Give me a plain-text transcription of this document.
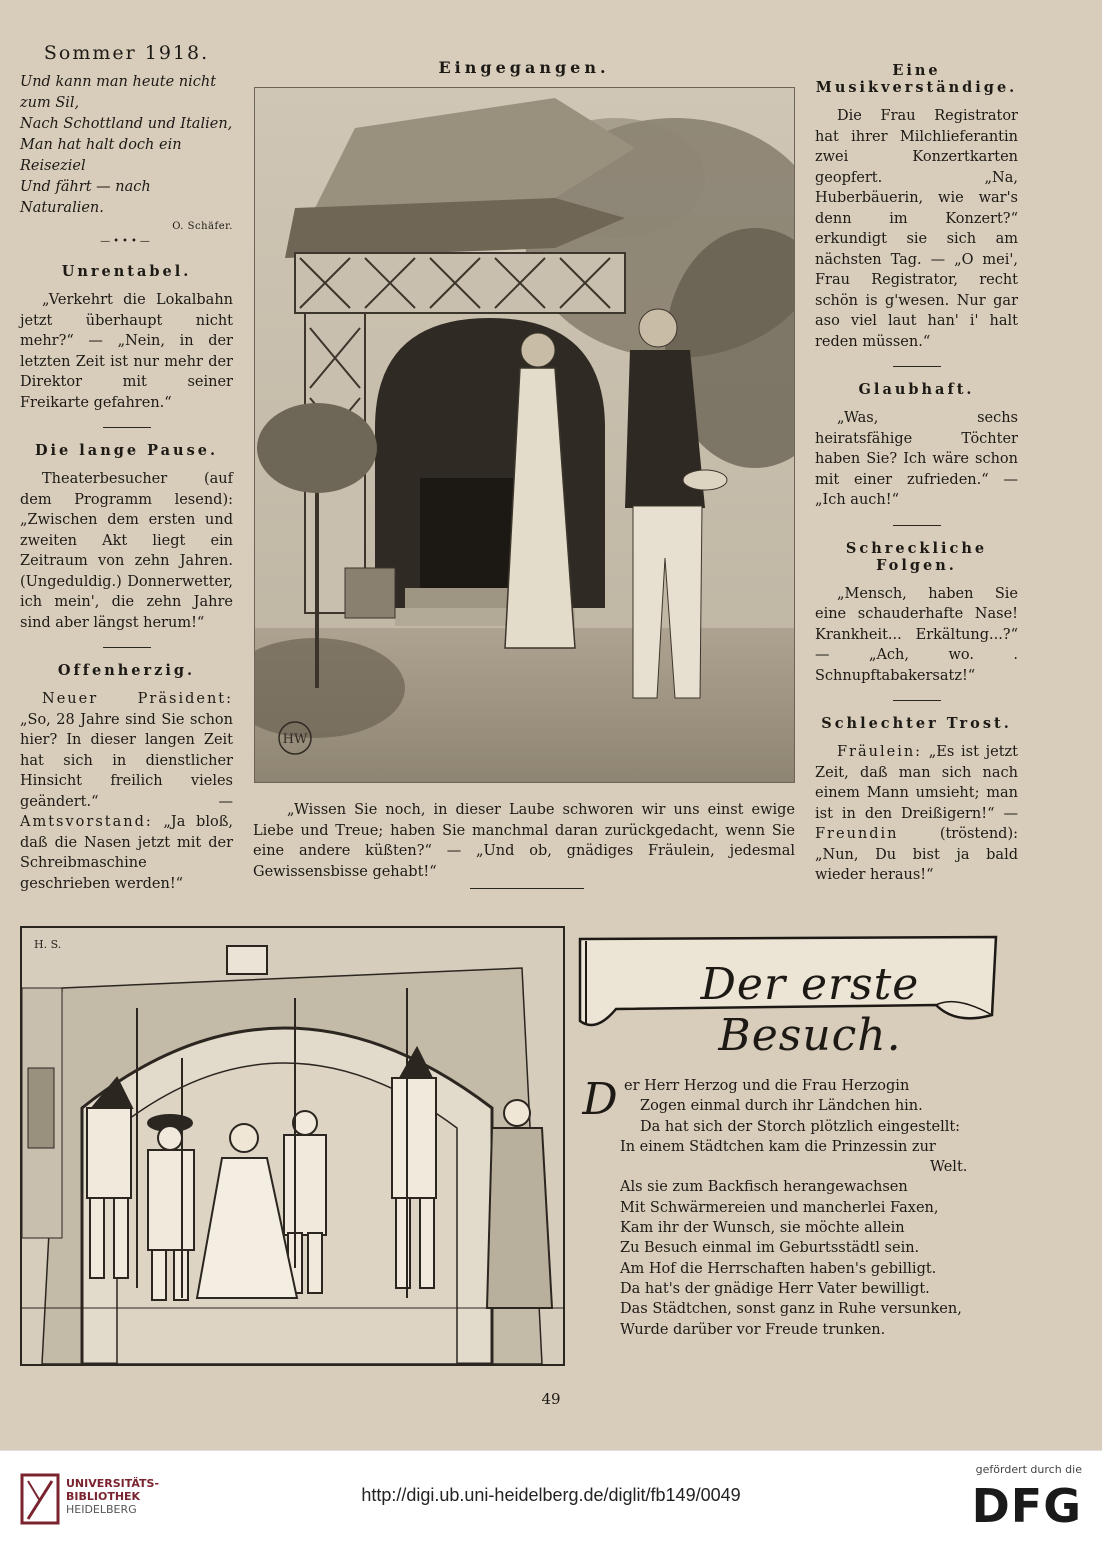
Sommer 1918.

Und kann man heute nicht zum Sil,

Nach Schottland und Italien,

Man hat halt doch ein Reiseziel

Und fährt — nach Naturalien.

O. Schäfer.
—•••—
Unrentabel.

„Verkehrt die Lokalbahn jetzt überhaupt nicht mehr?“ — „Nein, in der letzten Zeit ist nur mehr der Direktor mit seiner Freikarte gefahren.“

Die lange Pause.

Theaterbesucher (auf dem Programm lesend): „Zwischen dem ersten und zweiten Akt liegt ein Zeitraum von zehn Jahren. (Ungeduldig.) Donnerwetter, ich mein', die zehn Jahre sind aber längst herum!“

Offenherzig.

Neuer Präsident: „So, 28 Jahre sind Sie schon hier? In dieser langen Zeit hat sich in dienstlicher Hinsicht freilich vieles geändert.“ — Amtsvorstand: „Ja bloß, daß die Nasen jetzt mit der Schreibmaschine geschrieben werden!“

Eingegangen.
HW
„Wissen Sie noch, in dieser Laube schworen wir uns einst ewige Liebe und Treue; haben Sie manchmal daran zurückgedacht, wenn Sie eine andere küßten?“ — „Und ob, gnädiges Fräulein, jedesmal Gewissensbisse gehabt!“
Eine Musikverständige.

Die Frau Registrator hat ihrer Milchlieferantin zwei Konzertkarten geopfert. „Na, Huberbäuerin, wie war's denn im Konzert?“ erkundigt sie sich am nächsten Tag. — „O mei', Frau Registrator, recht schön is g'wesen. Nur gar aso viel laut han' i' halt reden müssen.“

Glaubhaft.

„Was, sechs heiratsfähige Töchter haben Sie? Ich wäre schon mit einer zufrieden.“ — „Ich auch!“

Schreckliche Folgen.

„Mensch, haben Sie eine schauderhafte Nase! Krankheit... Erkältung...?“ — „Ach, wo. . Schnupftabakersatz!“

Schlechter Trost.

Fräulein: „Es ist jetzt Zeit, daß man sich nach einem Mann umsieht; man ist in den Dreißigern!“ — Freundin (tröstend): „Nun, Du bist ja bald wieder heraus!“

H. S.
Der erste Besuch.
D er Herr Herzog und die Frau Herzogin

Zogen einmal durch ihr Ländchen hin.

Da hat sich der Storch plötzlich eingestellt:

In einem Städtchen kam die Prinzessin zur

Welt.

Als sie zum Backfisch herangewachsen

Mit Schwärmereien und mancherlei Faxen,

Kam ihr der Wunsch, sie möchte allein

Zu Besuch einmal im Geburtsstädtl sein.

Am Hof die Herrschaften haben's gebilligt.

Da hat's der gnädige Herr Vater bewilligt.

Das Städtchen, sonst ganz in Ruhe versunken,

Wurde darüber vor Freude trunken.

49
UNIVERSITÄTS-
BIBLIOTHEK
HEIDELBERG
http://digi.ub.uni-heidelberg.de/diglit/fb149/0049
gefördert durch die
DFG
